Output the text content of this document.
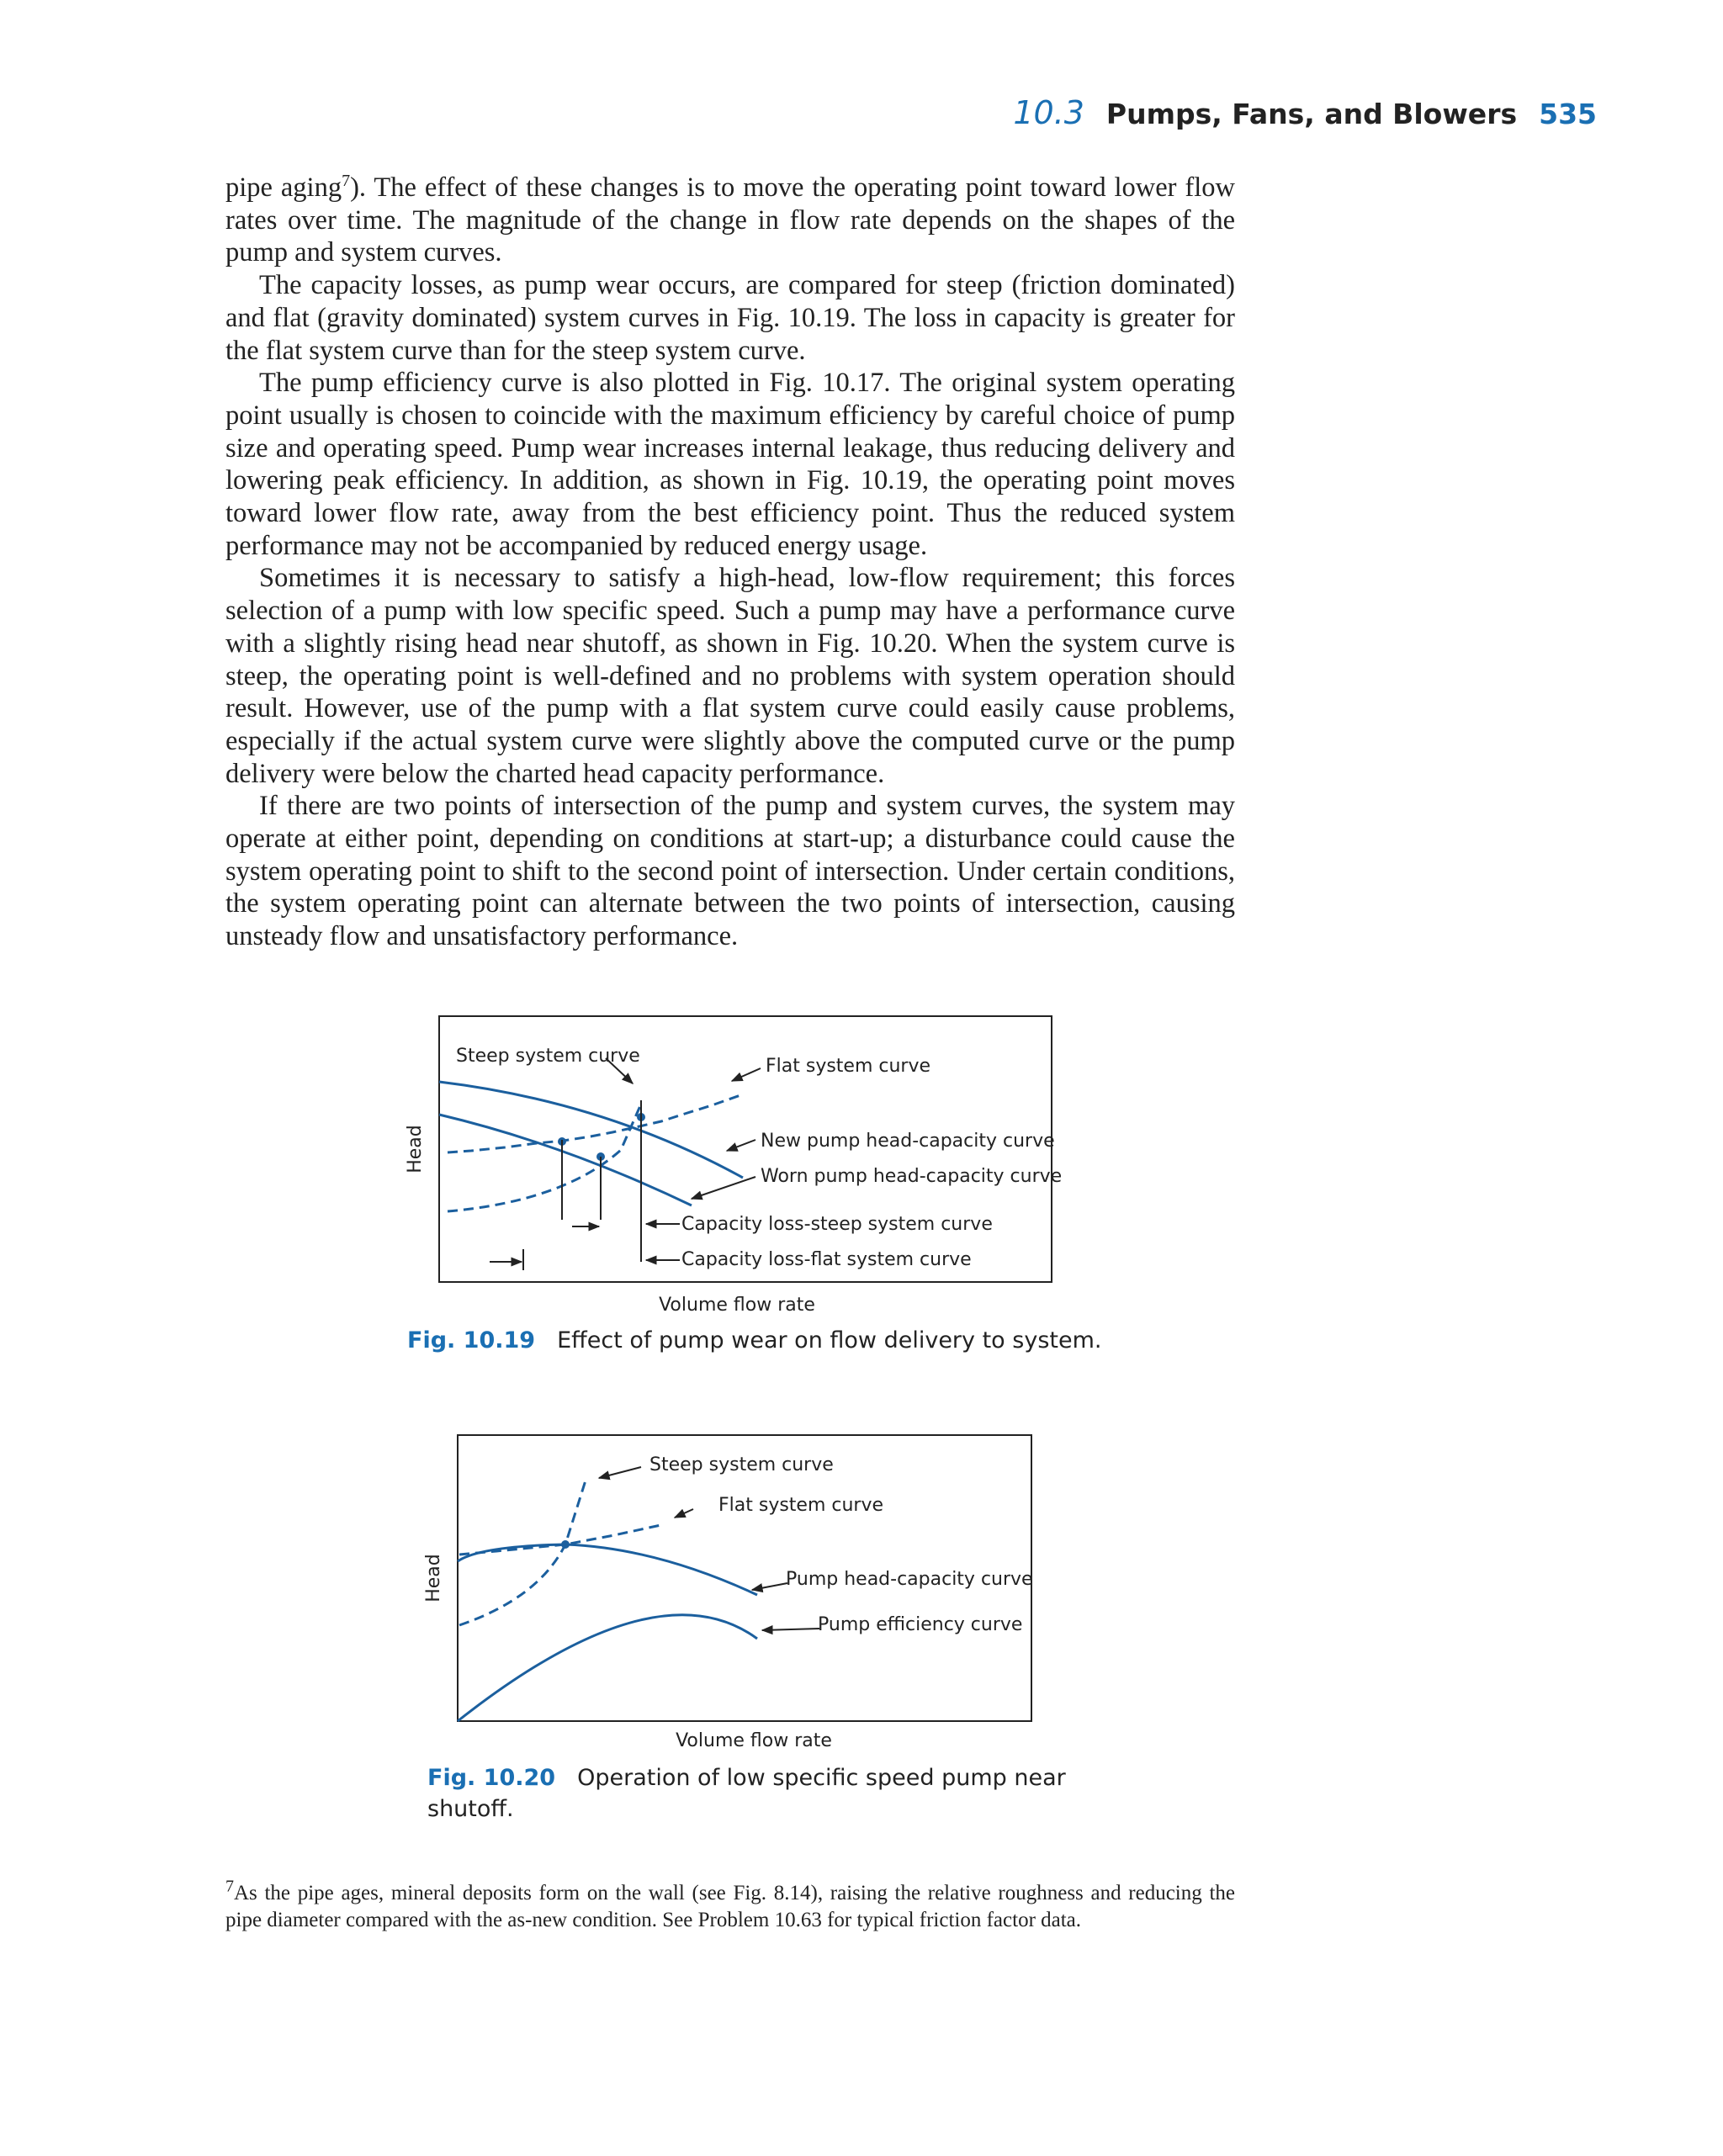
10.3 Pumps, Fans, and Blowers 535

pipe aging$^7$). The effect of these changes is to move the operating point toward lower flow rates over time. The magnitude of the change in flow rate depends on the shapes of the pump and system curves.

The capacity losses, as pump wear occurs, are compared for steep (friction dominated) and flat (gravity dominated) system curves in Fig. 10.19. The loss in capacity is greater for the flat system curve than for the steep system curve.

The pump efficiency curve is also plotted in Fig. 10.17. The original system operating point usually is chosen to coincide with the maximum efficiency by careful choice of pump size and operating speed. Pump wear increases internal leakage, thus reducing delivery and lowering peak efficiency. In addition, as shown in Fig. 10.19, the operating point moves toward lower flow rate, away from the best efficiency point. Thus the reduced system performance may not be accompanied by reduced energy usage.

Sometimes it is necessary to satisfy a high-head, low-flow requirement; this forces selection of a pump with low specific speed. Such a pump may have a performance curve with a slightly rising head near shutoff, as shown in Fig. 10.20. When the system curve is steep, the operating point is well-defined and no problems with system operation should result. However, use of the pump with a flat system curve could easily cause problems, especially if the actual system curve were slightly above the computed curve or the pump delivery were below the charted head capacity performance.

If there are two points of intersection of the pump and system curves, the system may operate at either point, depending on conditions at start-up; a disturbance could cause the system operating point to shift to the second point of intersection. Under certain conditions, the system operating point can alternate between the two points of intersection, causing unsteady flow and unsatisfactory performance.

Head
Volume flow rate
Steep system curve	Flat system curve
New pump head-capacity curve
Worn pump head-capacity curve
Capacity loss-steep system curve
Capacity loss-flat system curve
Fig. 10.19 Effect of pump wear on flow delivery to system.
Head
Volume flow rate
Steep system curve
Flat system curve
Pump head-capacity curve
Pump efficiency curve
Fig. 10.20 Operation of low specific speed pump near shutoff.
$^7$As the pipe ages, mineral deposits form on the wall (see Fig. 8.14), raising the relative roughness and reducing the pipe diameter compared with the as-new condition. See Problem 10.63 for typical friction factor data.
